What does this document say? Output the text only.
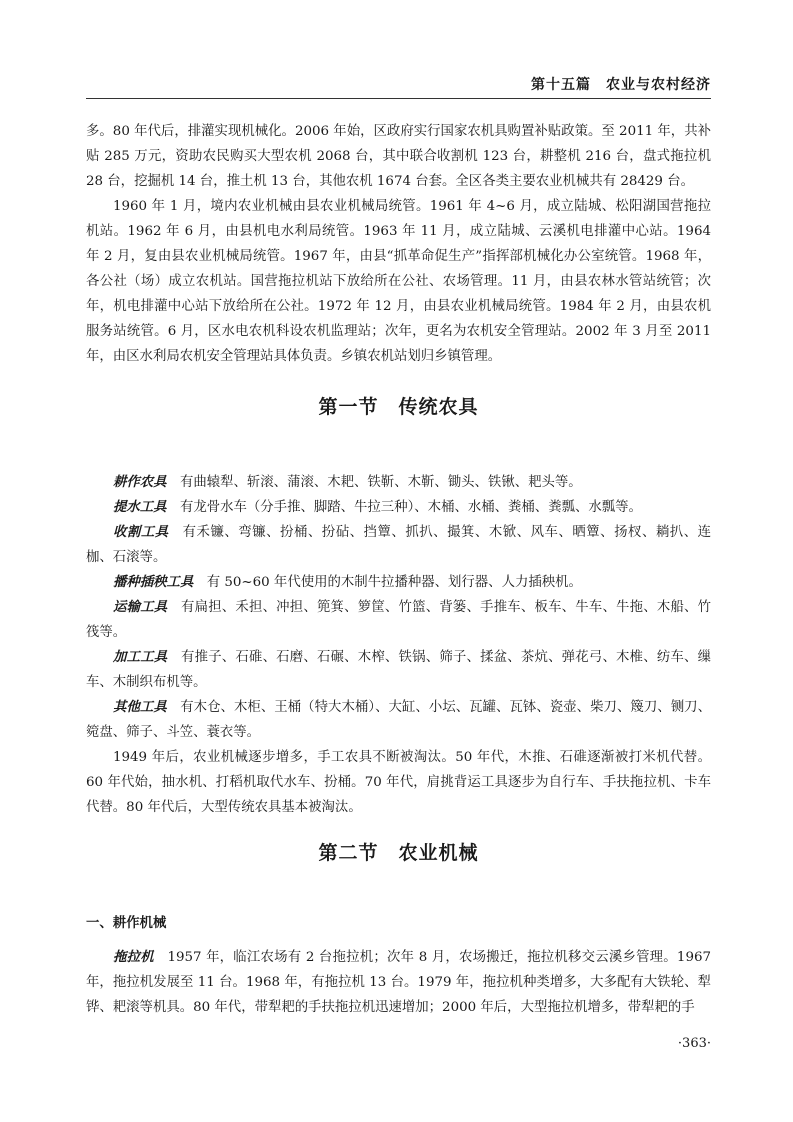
第十五篇　农业与农村经济

多。80 年代后，排灌实现机械化。2006 年始，区政府实行国家农机具购置补贴政策。至 2011 年，共补贴 285 万元，资助农民购买大型农机 2068 台，其中联合收割机 123 台，耕整机 216 台，盘式拖拉机 28 台，挖掘机 14 台，推土机 13 台，其他农机 1674 台套。全区各类主要农业机械共有 28429 台。

1960 年 1 月，境内农业机械由县农业机械局统管。1961 年 4~6 月，成立陆城、松阳湖国营拖拉机站。1962 年 6 月，由县机电水利局统管。1963 年 11 月，成立陆城、云溪机电排灌中心站。1964 年 2 月，复由县农业机械局统管。1967 年，由县“抓革命促生产”指挥部机械化办公室统管。1968 年，各公社（场）成立农机站。国营拖拉机站下放给所在公社、农场管理。11 月，由县农林水管站统管；次年，机电排灌中心站下放给所在公社。1972 年 12 月，由县农业机械局统管。1984 年 2 月，由县农机服务站统管。6 月，区水电农机科设农机监理站；次年，更名为农机安全管理站。2002 年 3 月至 2011 年，由区水利局农机安全管理站具体负责。乡镇农机站划归乡镇管理。

第一节　传统农具

耕作农具　 有曲辕犁、斩滚、蒲滚、木耙、铁靳、木靳、锄头、铁锹、耙头等。

提水工具　 有龙骨水车（分手推、脚踏、牛拉三种）、木桶、水桶、粪桶、粪瓢、水瓢等。

收割工具　 有禾镰、弯镰、扮桶、扮砧、挡簟、抓扒、撮箕、木锨、风车、晒簟、扬杈、耥扒、连枷、石滚等。

播种插秧工具　 有 50~60 年代使用的木制牛拉播种器、划行器、人力插秧机。

运输工具　 有扁担、禾担、冲担、篼箕、箩筐、竹篮、背篓、手推车、板车、牛车、牛拖、木船、竹筏等。

加工工具　 有推子、石碓、石磨、石碾、木榨、铁锅、筛子、揉盆、茶炕、弹花弓、木椎、纺车、缫车、木制织布机等。

其他工具　 有木仓、木柜、王桶（特大木桶）、大缸、小坛、瓦罐、瓦钵、瓷壶、柴刀、篾刀、铡刀、箢盘、筛子、斗笠、蓑衣等。

1949 年后，农业机械逐步增多，手工农具不断被淘汰。50 年代，木推、石碓逐渐被打米机代替。60 年代始，抽水机、打稻机取代水车、扮桶。70 年代，肩挑背运工具逐步为自行车、手扶拖拉机、卡车代替。80 年代后，大型传统农具基本被淘汰。

第二节　农业机械

一、耕作机械

拖拉机　 1957 年，临江农场有 2 台拖拉机；次年 8 月，农场搬迁，拖拉机移交云溪乡管理。1967 年，拖拉机发展至 11 台。1968 年，有拖拉机 13 台。1979 年，拖拉机种类增多，大多配有大铁轮、犁铧、耙滚等机具。80 年代，带犁耙的手扶拖拉机迅速增加；2000 年后，大型拖拉机增多，带犁耙的手

·363·
